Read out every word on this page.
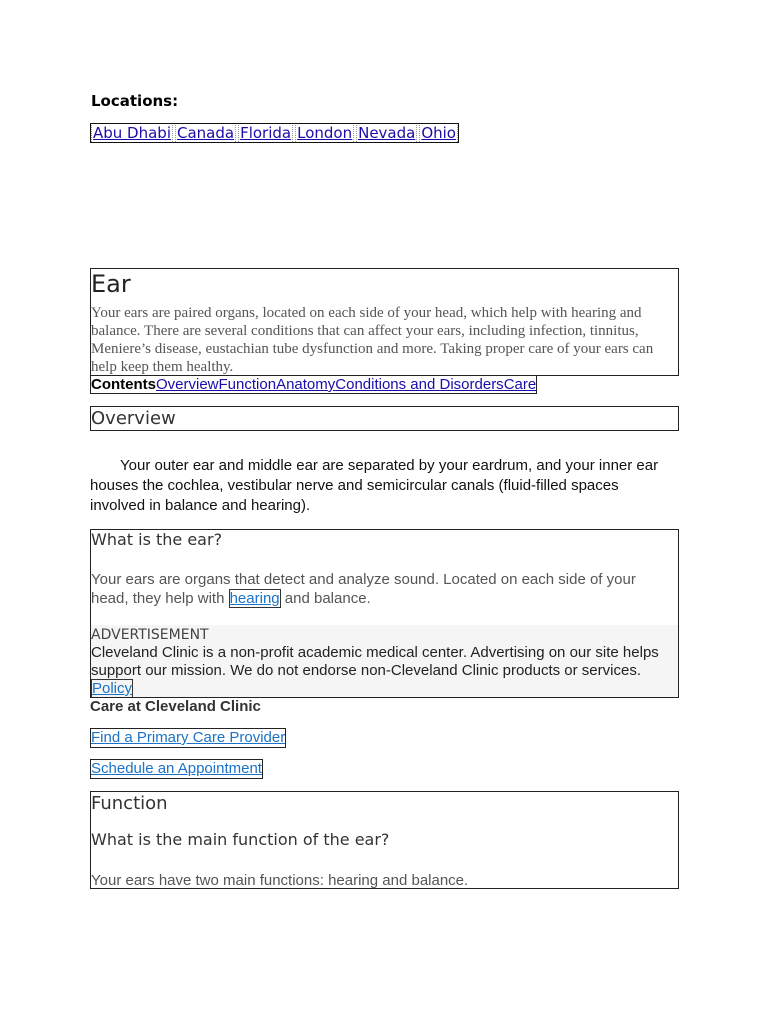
Locations:
Abu Dhabi Canada Florida London Nevada Ohio
Ear
Your ears are paired organs, located on each side of your head, which help with hearing and balance. There are several conditions that can affect your ears, including infection, tinnitus, Meniere’s disease, eustachian tube dysfunction and more. Taking proper care of your ears can help keep them healthy.
ContentsOverviewFunctionAnatomyConditions and DisordersCare
Overview
Your outer ear and middle ear are separated by your eardrum, and your inner ear houses the cochlea, vestibular nerve and semicircular canals (fluid-filled spaces involved in balance and hearing).
What is the ear?
Your ears are organs that detect and analyze sound. Located on each side of your head, they help with hearing and balance.
ADVERTISEMENT
Cleveland Clinic is a non-profit academic medical center. Advertising on our site helps support our mission. We do not endorse non-Cleveland Clinic products or services. Policy
Care at Cleveland Clinic
Find a Primary Care Provider
Schedule an Appointment
Function
What is the main function of the ear?
Your ears have two main functions: hearing and balance.
